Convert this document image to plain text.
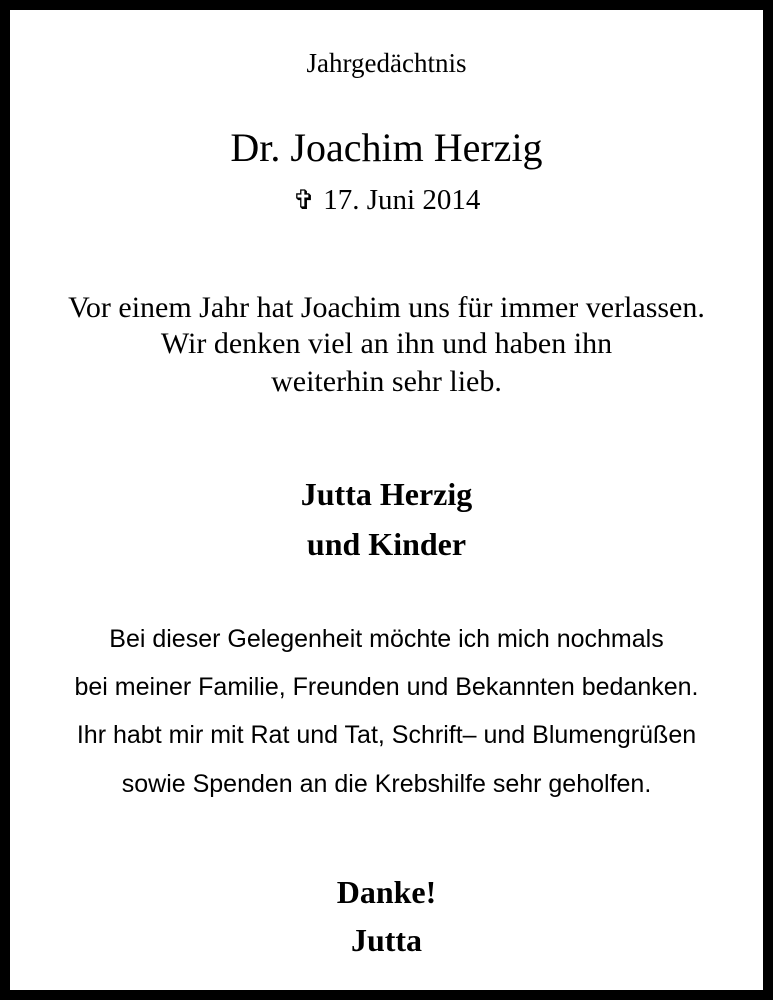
Jahrgedächtnis
Dr. Joachim Herzig
✞ 17. Juni 2014
Vor einem Jahr hat Joachim uns für immer verlassen.
Wir denken viel an ihn und haben ihn
weiterhin sehr lieb.
Jutta Herzig
und Kinder
Bei dieser Gelegenheit möchte ich mich nochmals
bei meiner Familie, Freunden und Bekannten bedanken.
Ihr habt mir mit Rat und Tat, Schrift– und Blumengrüßen
sowie Spenden an die Krebshilfe sehr geholfen.
Danke!
Jutta
